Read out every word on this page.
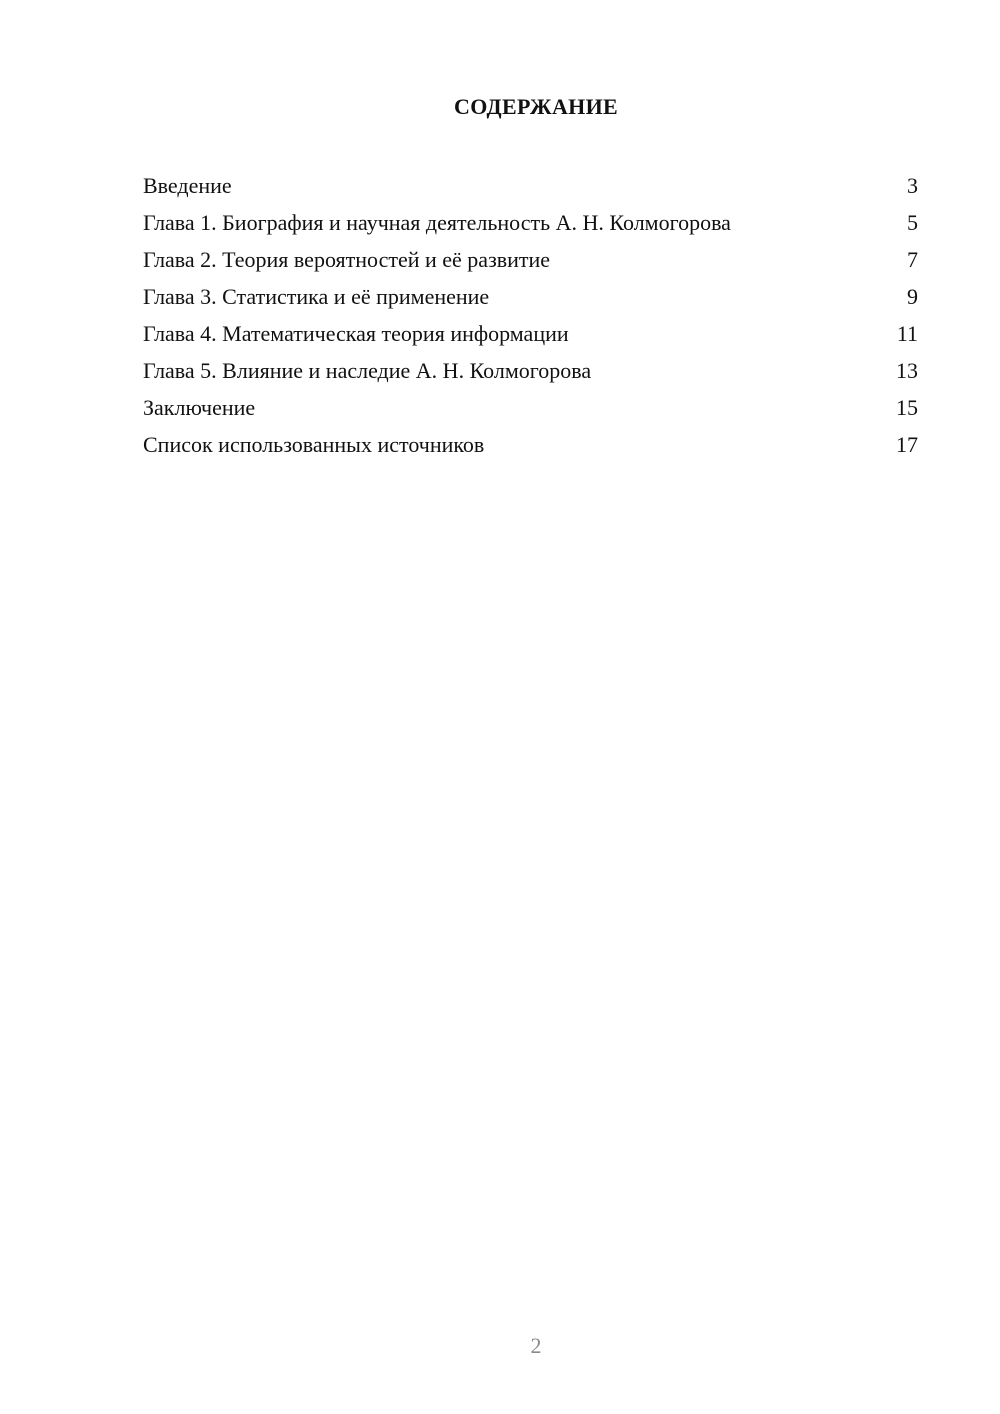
СОДЕРЖАНИЕ
Введение	3
Глава 1. Биография и научная деятельность А. Н. Колмогорова	5
Глава 2. Теория вероятностей и её развитие	7
Глава 3. Статистика и её применение	9
Глава 4. Математическая теория информации	11
Глава 5. Влияние и наследие А. Н. Колмогорова	13
Заключение	15
Список использованных источников	17
2
